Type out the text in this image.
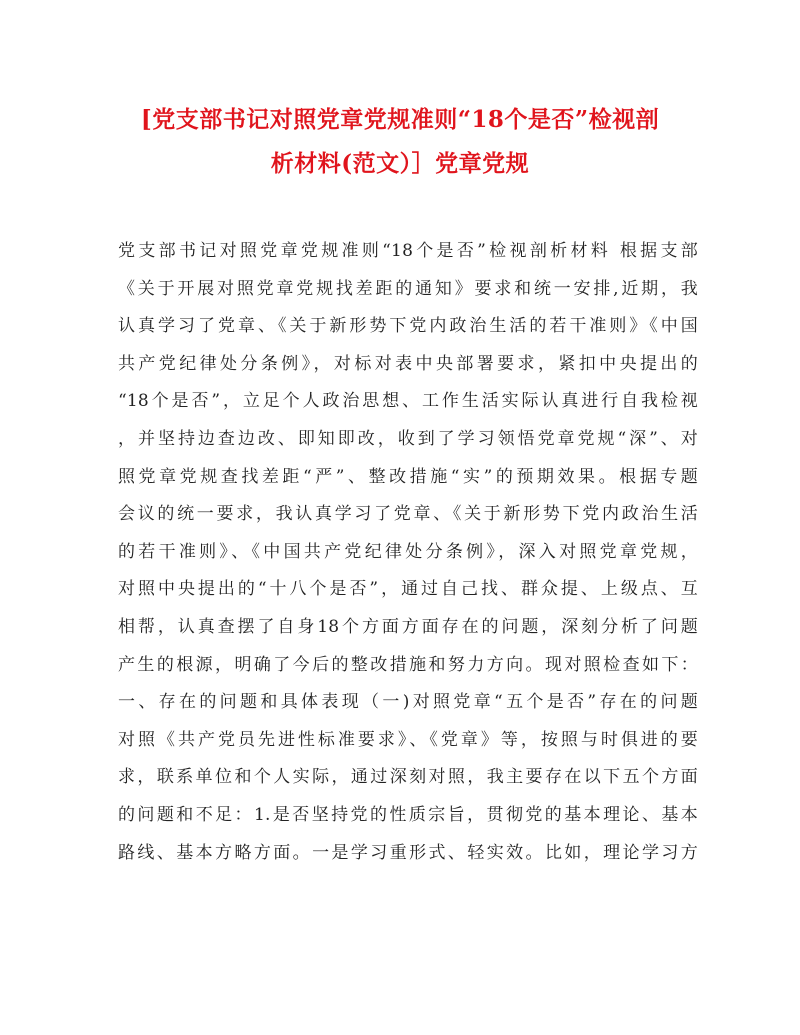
[党支部书记对照党章党规准则“18个是否”检视剖
析材料(范文）］党章党规
党支部书记对照党章党规准则“18个是否”检视剖析材料 根据支部
《关于开展对照党章党规找差距的通知》要求和统一安排,近期，我
认真学习了党章、《关于新形势下党内政治生活的若干准则》《中国
共产党纪律处分条例》，对标对表中央部署要求，紧扣中央提出的
“18个是否”，立足个人政治思想、工作生活实际认真进行自我检视
，并坚持边查边改、即知即改，收到了学习领悟党章党规“深”、对
照党章党规查找差距“严”、整改措施“实”的预期效果。根据专题
会议的统一要求，我认真学习了党章、《关于新形势下党内政治生活
的若干准则》、《中国共产党纪律处分条例》，深入对照党章党规，
对照中央提出的“十八个是否”，通过自己找、群众提、上级点、互
相帮，认真查摆了自身18个方面方面存在的问题，深刻分析了问题
产生的根源，明确了今后的整改措施和努力方向。现对照检查如下：
一、存在的问题和具体表现（一)对照党章“五个是否”存在的问题
对照《共产党员先进性标准要求》、《党章》等，按照与时俱进的要
求，联系单位和个人实际，通过深刻对照，我主要存在以下五个方面
的问题和不足：1.是否坚持党的性质宗旨，贯彻党的基本理论、基本
路线、基本方略方面。一是学习重形式、轻实效。比如，理论学习方
